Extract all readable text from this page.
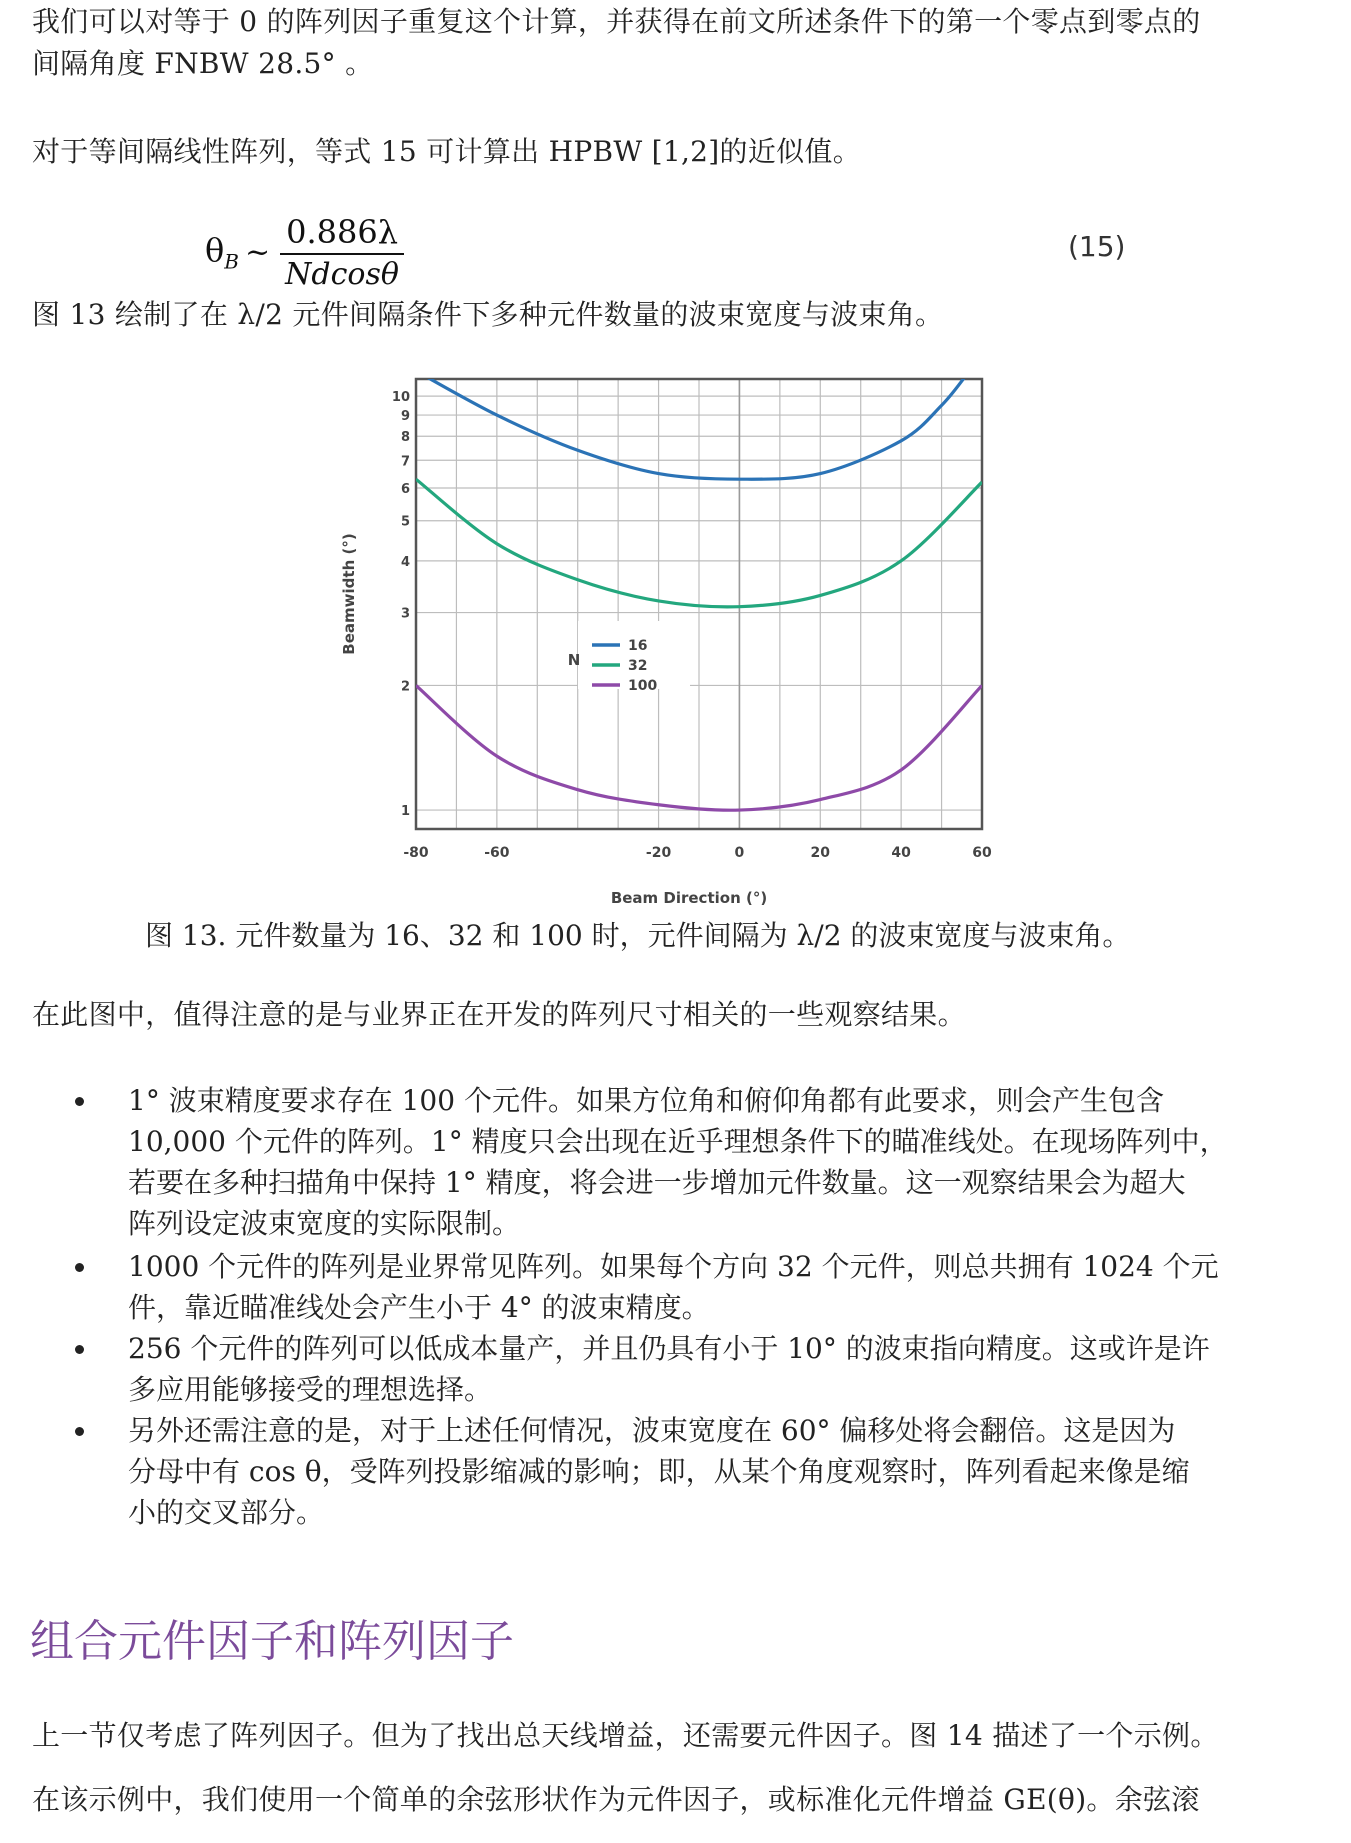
我们可以对等于 0 的阵列因子重复这个计算，并获得在前文所述条件下的第一个零点到零点的

间隔角度 FNBW 28.5° 。

对于等间隔线性阵列，等式 15 可计算出 HPBW [1,2]的近似值。

图 13 绘制了在 λ/2 元件间隔条件下多种元件数量的波束宽度与波束角。

在此图中，值得注意的是与业界正在开发的阵列尺寸相关的一些观察结果。

上一节仅考虑了阵列因子。但为了找出总天线增益，还需要元件因子。图 14 描述了一个示例。

在该示例中，我们使用一个简单的余弦形状作为元件因子，或标准化元件增益 GE(θ)。余弦滚

$\theta_B$ ~ $\frac{0.886\lambda}{Ndcos\theta}$	(15)
N
16
32
100
1
2
3
4
5
6
7
8
9
10
-80	-60	-20	0	20	40	60
Beam Direction (°)
Beamwidth (°)
图 13. 元件数量为 16、32 和 100 时，元件间隔为 λ/2 的波束宽度与波束角。
1° 波束精度要求存在 100 个元件。如果方位角和俯仰角都有此要求，则会产生包含
10,000 个元件的阵列。1° 精度只会出现在近乎理想条件下的瞄准线处。在现场阵列中，
若要在多种扫描角中保持 1° 精度，将会进一步增加元件数量。这一观察结果会为超大
阵列设定波束宽度的实际限制。
1000 个元件的阵列是业界常见阵列。如果每个方向 32 个元件，则总共拥有 1024 个元
件，靠近瞄准线处会产生小于 4° 的波束精度。
256 个元件的阵列可以低成本量产，并且仍具有小于 10° 的波束指向精度。这或许是许
多应用能够接受的理想选择。
另外还需注意的是，对于上述任何情况，波束宽度在 60° 偏移处将会翻倍。这是因为
分母中有 cos θ，受阵列投影缩减的影响；即，从某个角度观察时，阵列看起来像是缩
小的交叉部分。
组合元件因子和阵列因子
